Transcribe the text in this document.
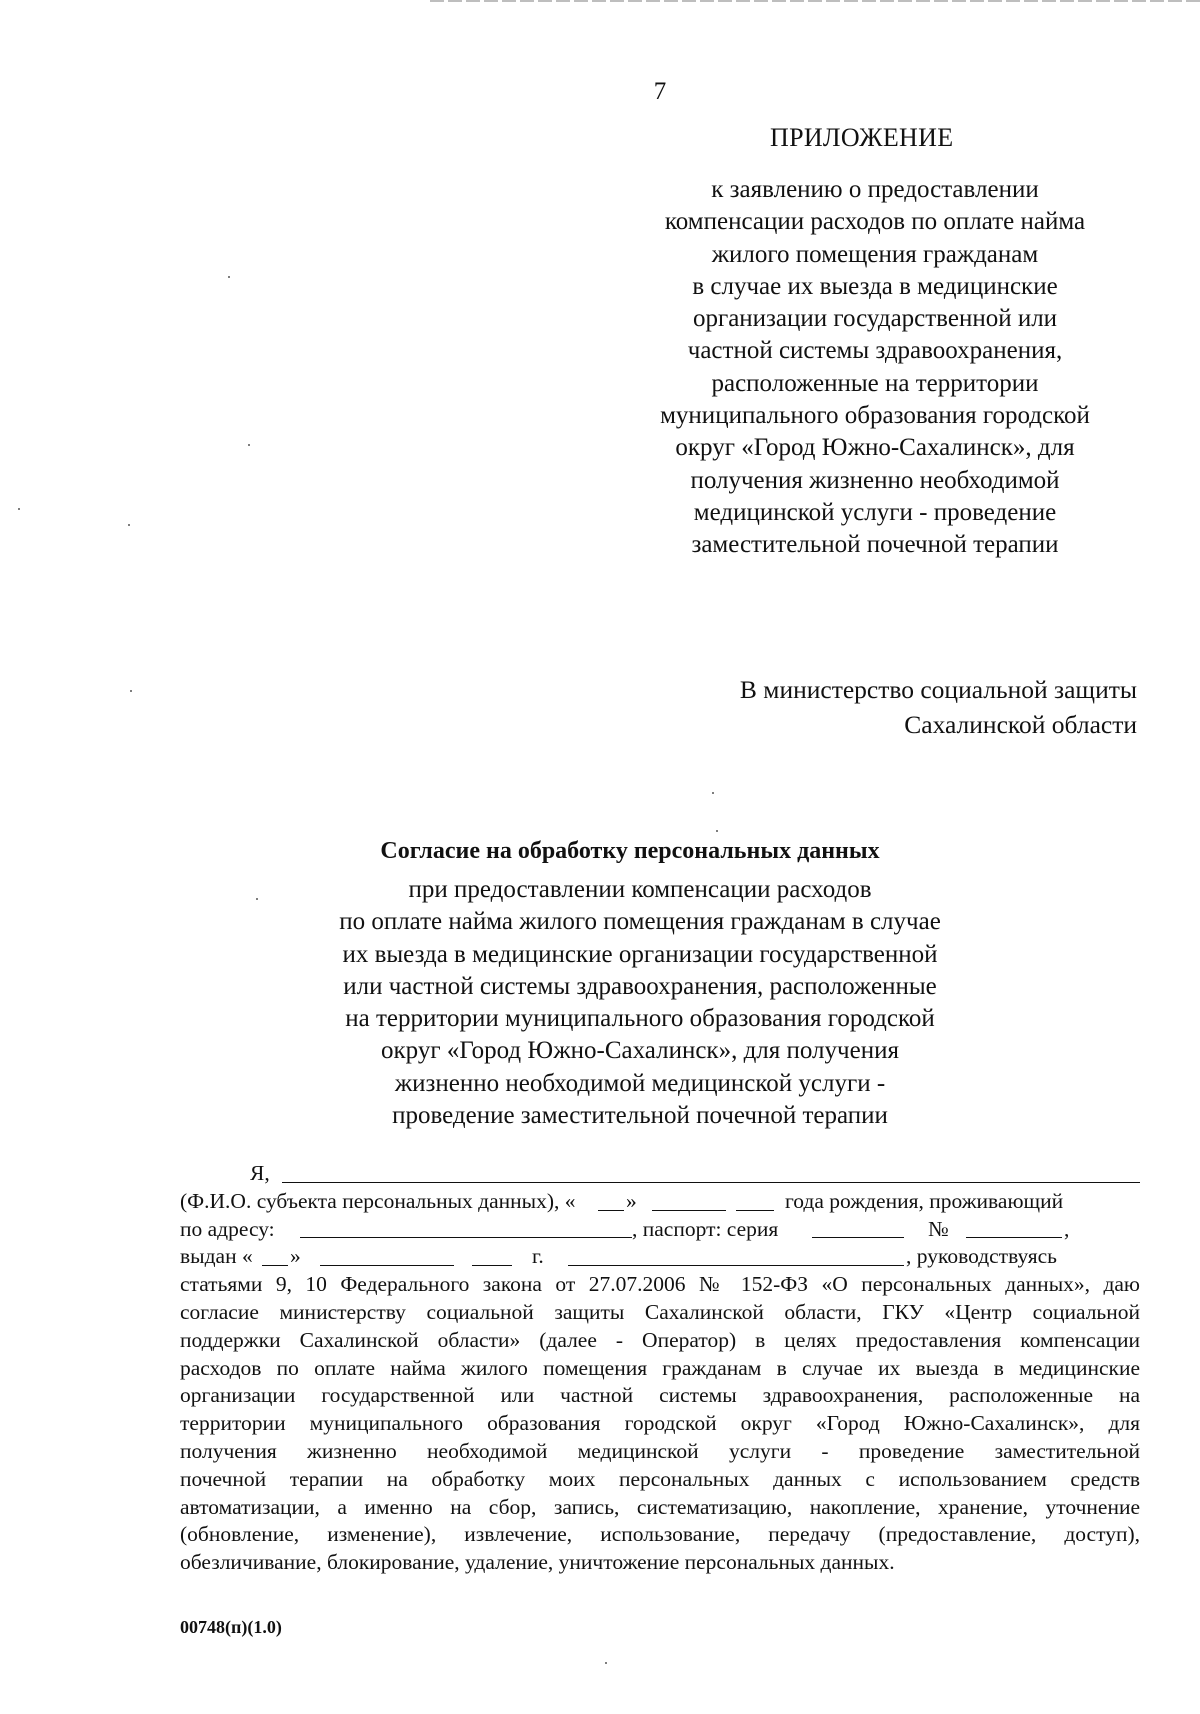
7
ПРИЛОЖЕНИЕ
к заявлению о предоставлении
компенсации расходов по оплате найма
жилого помещения гражданам
в случае их выезда в медицинские
организации государственной или
частной системы здравоохранения,
расположенные на территории
муниципального образования городской
округ «Город Южно-Сахалинск», для
получения жизненно необходимой
медицинской услуги - проведение
заместительной почечной терапии
В министерство социальной защиты
Сахалинской области
Согласие на обработку персональных данных
при предоставлении компенсации расходов
по оплате найма жилого помещения гражданам в случае
их выезда в медицинские организации государственной
или частной системы здравоохранения, расположенные
на территории муниципального образования городской
округ «Город Южно-Сахалинск», для получения
жизненно необходимой медицинской услуги -
проведение заместительной почечной терапии
Я,
(Ф.И.О. субъекта персональных данных), « »	года рождения, проживающий
по адресу:	, паспорт: серия	№	,
выдан « »	г.	, руководствуясь
статьями 9, 10 Федерального закона от 27.07.2006 № 152-ФЗ «О персональных данных», даю
согласие министерству социальной защиты Сахалинской области, ГКУ «Центр социальной
поддержки Сахалинской области» (далее - Оператор) в целях предоставления компенсации
расходов по оплате найма жилого помещения гражданам в случае их выезда в медицинские
организации государственной или частной системы здравоохранения, расположенные на
территории муниципального образования городской округ «Город Южно-Сахалинск», для
получения жизненно необходимой медицинской услуги - проведение заместительной
почечной терапии на обработку моих персональных данных с использованием средств
автоматизации, а именно на сбор, запись, систематизацию, накопление, хранение, уточнение
(обновление, изменение), извлечение, использование, передачу (предоставление, доступ),
обезличивание, блокирование, удаление, уничтожение персональных данных.
00748(п)(1.0)
